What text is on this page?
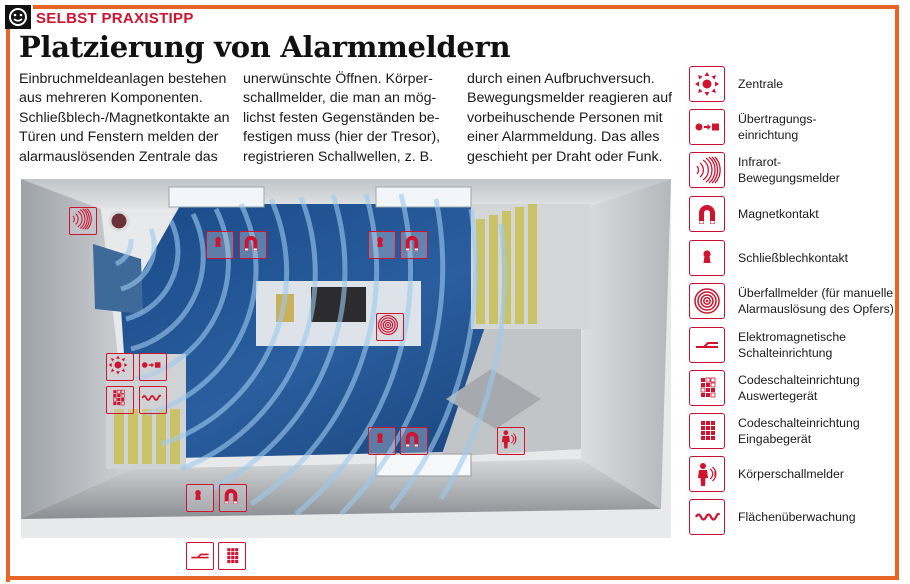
SELBST PRAXISTIPP
Platzierung von Alarmmeldern
Einbruchmeldeanlagen bestehen
aus mehreren Komponenten.
Schließblech-/Magnetkontakte an
Türen und Fenstern melden der
alarmauslösenden Zentrale das
unerwünschte Öffnen. Körper-
schallmelder, die man an mög-
lichst festen Gegenständen be-
festigen muss (hier der Tresor),
registrieren Schallwellen, z. B.
durch einen Aufbruchversuch.
Bewegungsmelder reagieren auf
vorbeihuschende Personen mit
einer Alarmmeldung. Das alles
geschieht per Draht oder Funk.
Zentrale
Übertragungs-
einrichtung
Infrarot-
Bewegungsmelder
Magnetkontakt
Schließblechkontakt
Überfallmelder (für manuelle
Alarmauslösung des Opfers)
Elektromagnetische
Schalteinrichtung
Codeschalteinrichtung
Auswertegerät
Codeschalteinrichtung
Eingabegerät
Körperschallmelder
Flächenüberwachung
